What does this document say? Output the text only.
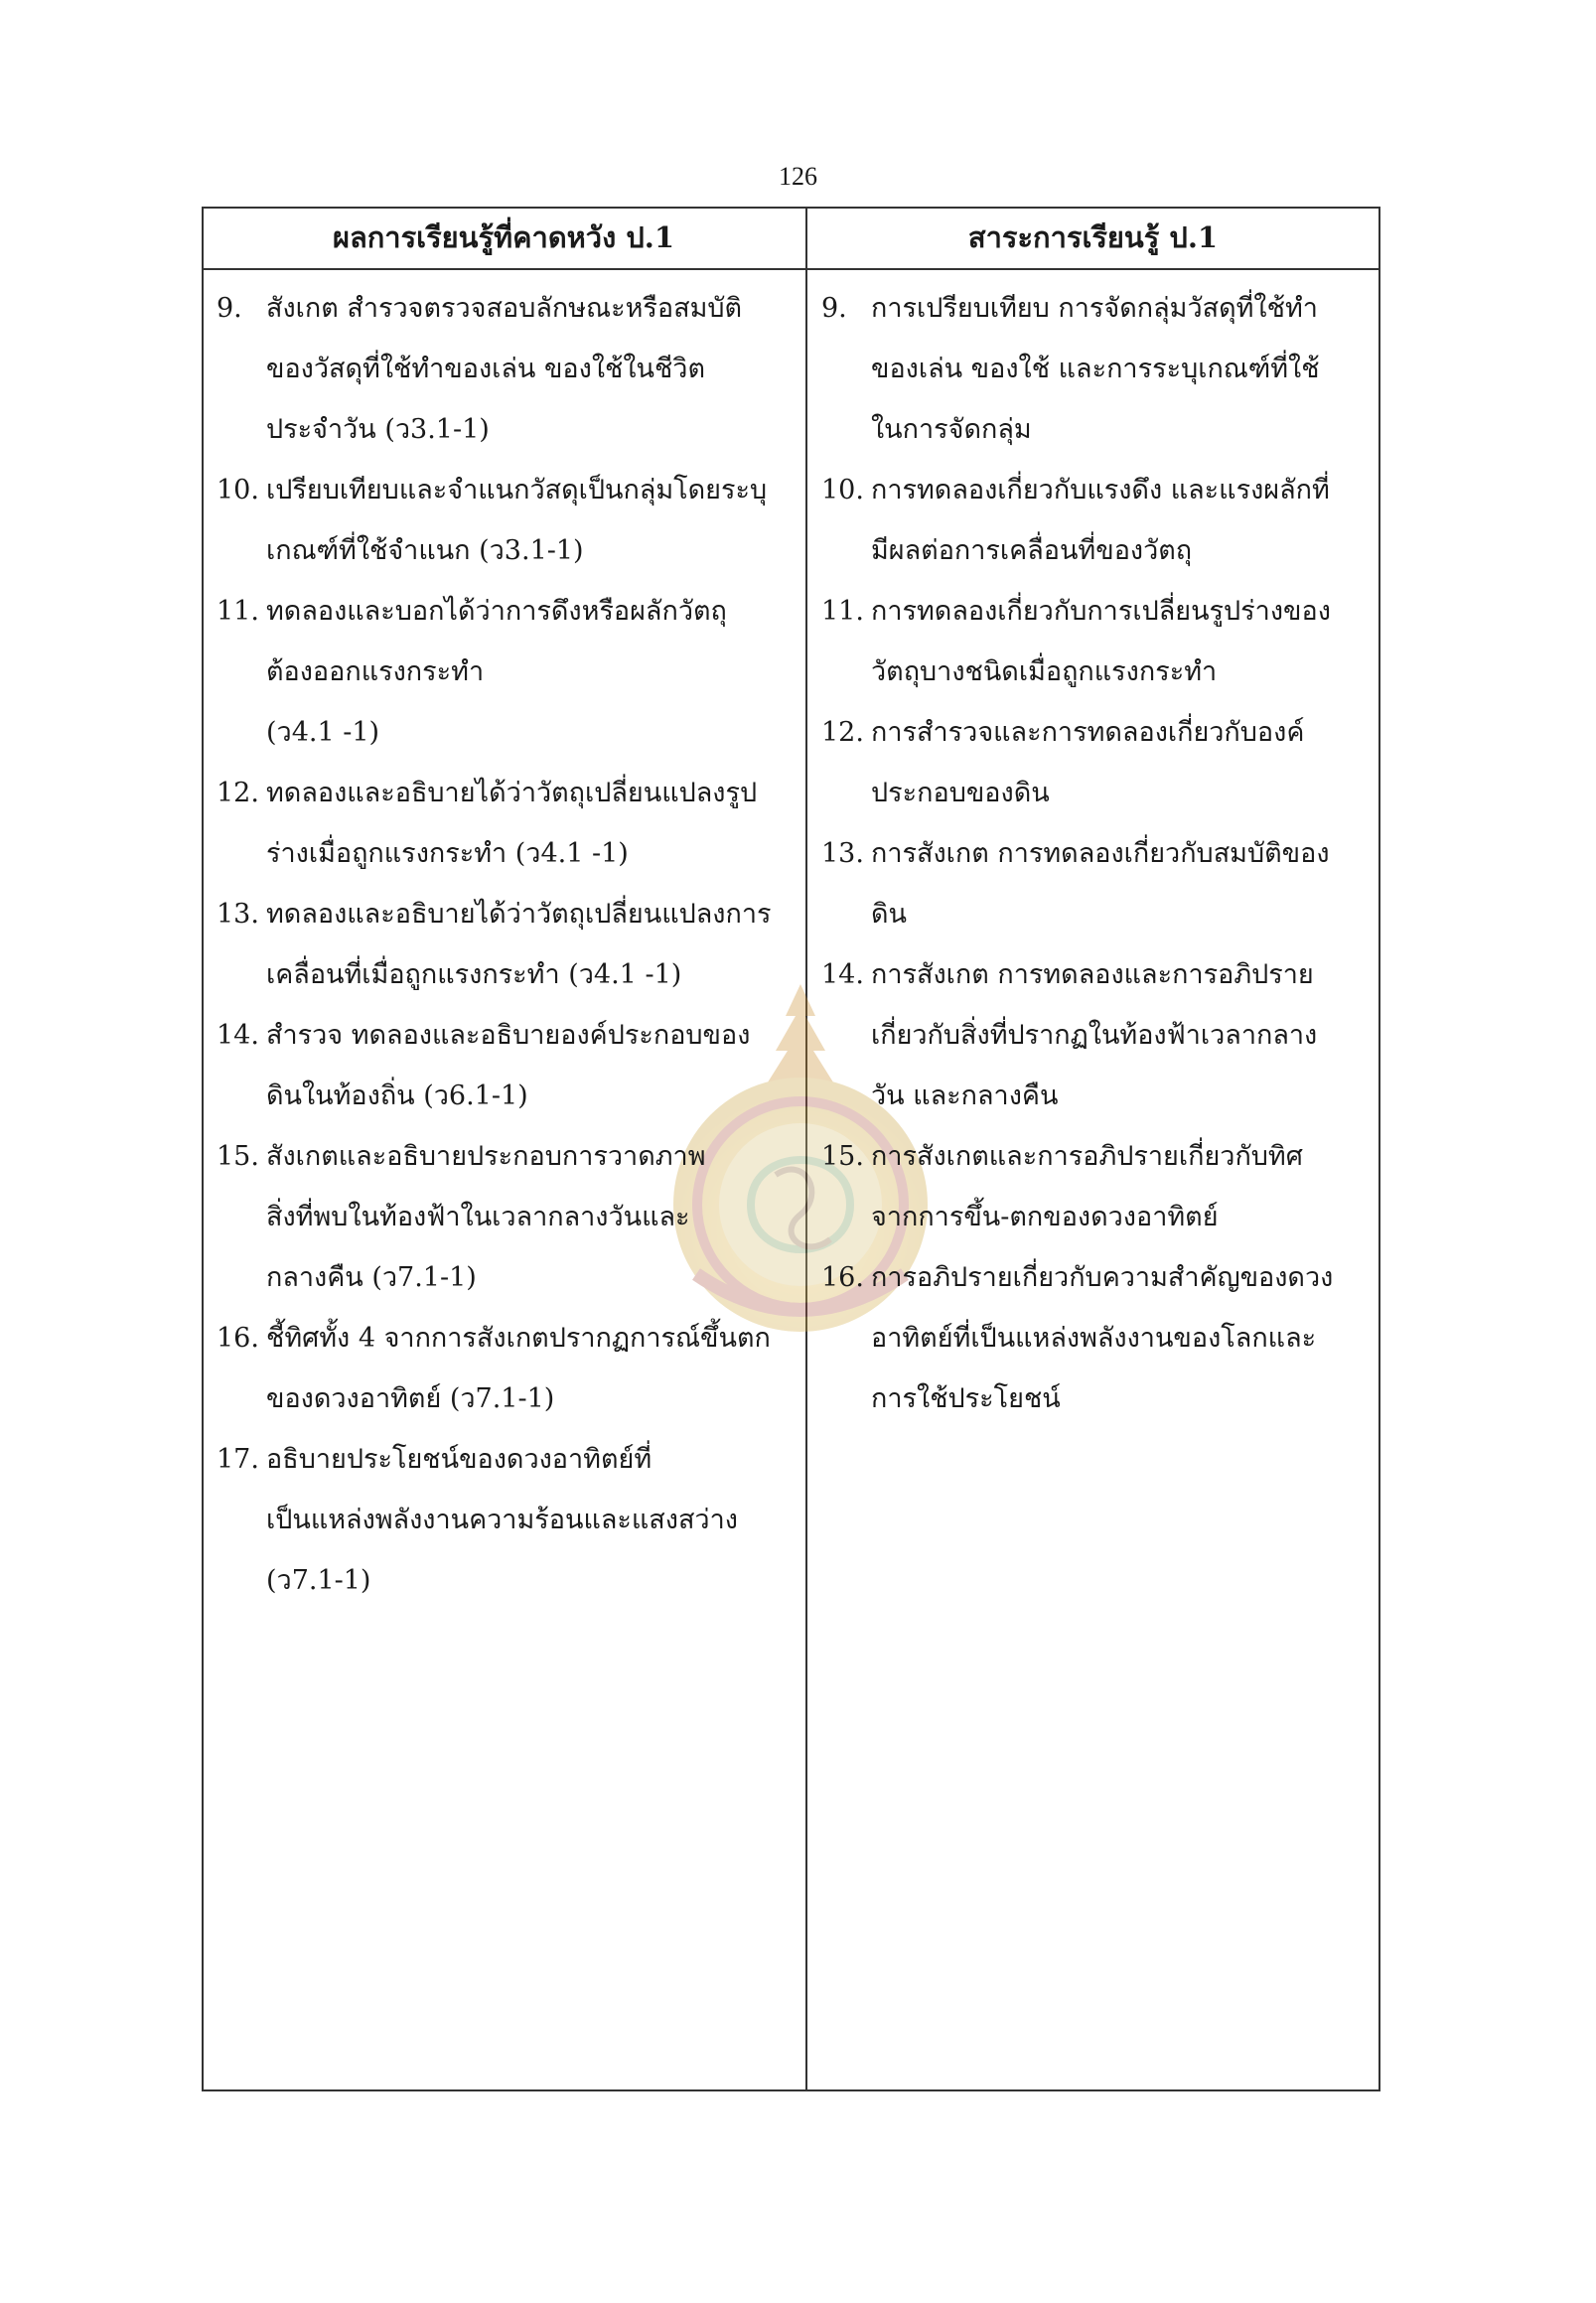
126
ผลการเรียนรู้ที่คาดหวัง ป.1	สาระการเรียนรู้ ป.1
9. สังเกต สำรวจตรวจสอบลักษณะหรือสมบัติ
ของวัสดุที่ใช้ทำของเล่น ของใช้ในชีวิต
ประจำวัน (ว3.1-1)
10. เปรียบเทียบและจำแนกวัสดุเป็นกลุ่มโดยระบุ
เกณฑ์ที่ใช้จำแนก (ว3.1-1)
11. ทดลองและบอกได้ว่าการดึงหรือผลักวัตถุ
ต้องออกแรงกระทำ
(ว4.1 -1)
12. ทดลองและอธิบายได้ว่าวัตถุเปลี่ยนแปลงรูป
ร่างเมื่อถูกแรงกระทำ (ว4.1 -1)
13. ทดลองและอธิบายได้ว่าวัตถุเปลี่ยนแปลงการ
เคลื่อนที่เมื่อถูกแรงกระทำ (ว4.1 -1)
14. สำรวจ ทดลองและอธิบายองค์ประกอบของ
ดินในท้องถิ่น (ว6.1-1)
15. สังเกตและอธิบายประกอบการวาดภาพ
สิ่งที่พบในท้องฟ้าในเวลากลางวันและ
กลางคืน (ว7.1-1)
16. ชี้ทิศทั้ง 4 จากการสังเกตปรากฏการณ์ขึ้นตก
ของดวงอาทิตย์ (ว7.1-1)
17. อธิบายประโยชน์ของดวงอาทิตย์ที่
เป็นแหล่งพลังงานความร้อนและแสงสว่าง
(ว7.1-1)
9. การเปรียบเทียบ การจัดกลุ่มวัสดุที่ใช้ทำ
ของเล่น ของใช้ และการระบุเกณฑ์ที่ใช้
ในการจัดกลุ่ม
10. การทดลองเกี่ยวกับแรงดึง และแรงผลักที่
มีผลต่อการเคลื่อนที่ของวัตถุ
11. การทดลองเกี่ยวกับการเปลี่ยนรูปร่างของ
วัตถุบางชนิดเมื่อถูกแรงกระทำ
12. การสำรวจและการทดลองเกี่ยวกับองค์
ประกอบของดิน
13. การสังเกต การทดลองเกี่ยวกับสมบัติของ
ดิน
14. การสังเกต การทดลองและการอภิปราย
เกี่ยวกับสิ่งที่ปรากฏในท้องฟ้าเวลากลาง
วัน และกลางคืน
15. การสังเกตและการอภิปรายเกี่ยวกับทิศ
จากการขึ้น-ตกของดวงอาทิตย์
16. การอภิปรายเกี่ยวกับความสำคัญของดวง
อาทิตย์ที่เป็นแหล่งพลังงานของโลกและ
การใช้ประโยชน์
